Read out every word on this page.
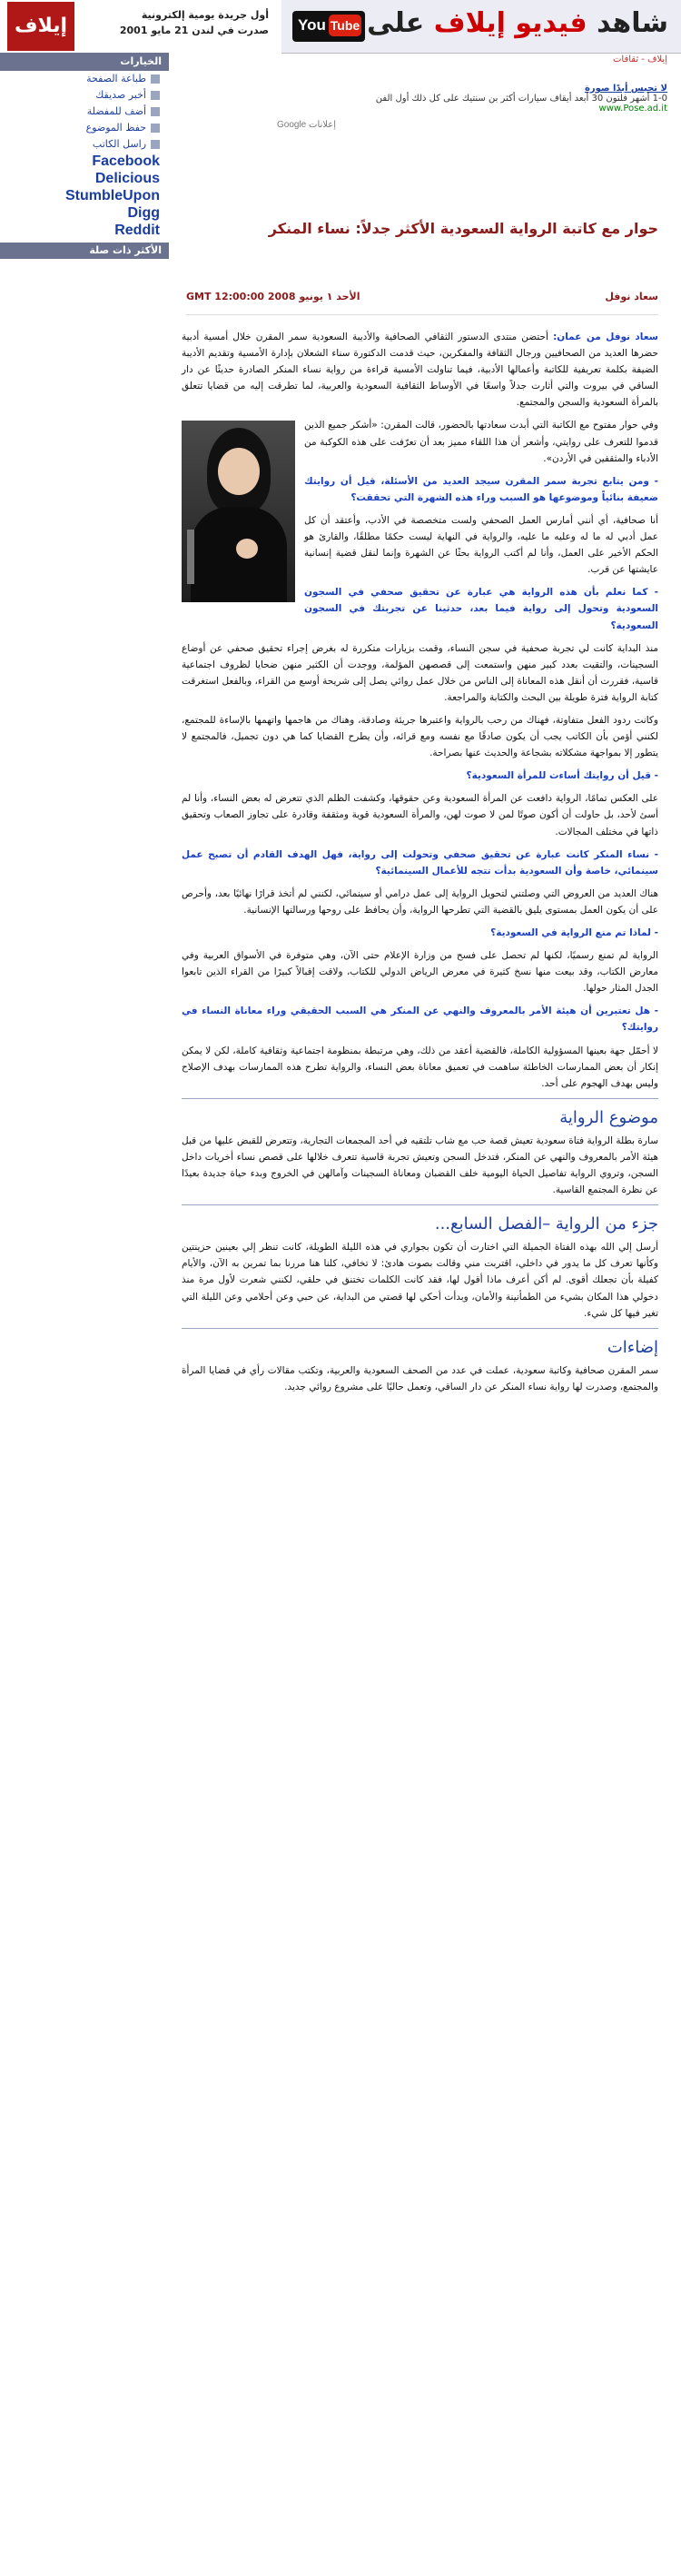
إيلاف	أول جريدة يومية إلكترونية
صدرت في لندن 21 مايو 2001 You Tube	شاهد فيديو إيلاف على
الخيارات
طباعة الصفحة
أخبر صديقك
أضف للمفضلة
حفظ الموضوع
راسل الكاتب
Facebook
Delicious
StumbleUpon
Digg
Reddit
الأكثر ذات صلة
إيلاف - ثقافات
لا تحبس أبدًا صورة
1-0 أشهر فلتون 30 أبعد أيقاف سيارات أكثر بن سنتيك على كل ذلك أول الفن
www.Pose.ad.it
Google إعلانات
حوار مع كاتبة الرواية السعودية الأكثر جدلاً: نساء المنكر
سعاد نوفل
الأحد ١ يونيو 2008 GMT 12:00:00

سعاد نوفل من عمان: أحتضن منتدى الدستور الثقافي الصحافية والأديبة السعودية سمر المقرن خلال أمسية أدبية حضرها العديد من الصحافيين ورجال الثقافة والمفكرين، حيث قدمت الدكتورة سناء الشعلان بإدارة الأمسية وتقديم الأديبة الضيفة بكلمة تعريفية للكاتبة وأعمالها الأدبية، فيما تناولت الأمسية قراءة من رواية نساء المنكر الصادرة حديثًا عن دار الساقي في بيروت والتي أثارت جدلاً واسعًا في الأوساط الثقافية السعودية والعربية، لما تطرقت إليه من قضايا تتعلق بالمرأة السعودية والسجن والمجتمع.

وفي حوار مفتوح مع الكاتبة التي أبدت سعادتها بالحضور، قالت المقرن: «أشكر جميع الذين قدموا للتعرف على روايتي، وأشعر أن هذا اللقاء مميز بعد أن تعرّفت على هذه الكوكبة من الأدباء والمثقفين في الأردن».

- ومن يتابع تجربة سمر المقرن سيجد العديد من الأسئلة، قيل أن روايتك ضعيفة بنائياً وموضوعها هو السبب وراء هذه الشهرة التي تحققت؟

أنا صحافية، أي أنني أمارس العمل الصحفي ولست متخصصة في الأدب، وأعتقد أن كل عمل أدبي له ما له وعليه ما عليه، والرواية في النهاية ليست حكمًا مطلقًا، والقارئ هو الحكم الأخير على العمل، وأنا لم أكتب الرواية بحثًا عن الشهرة وإنما لنقل قضية إنسانية عايشتها عن قرب.

- كما نعلم بأن هذه الرواية هي عبارة عن تحقيق صحفي في السجون السعودية وتحول إلى رواية فيما بعد، حدثينا عن تجربتك في السجون السعودية؟

منذ البداية كانت لي تجربة صحفية في سجن النساء، وقمت بزيارات متكررة له بغرض إجراء تحقيق صحفي عن أوضاع السجينات، والتقيت بعدد كبير منهن واستمعت إلى قصصهن المؤلمة، ووجدت أن الكثير منهن ضحايا لظروف اجتماعية قاسية، فقررت أن أنقل هذه المعاناة إلى الناس من خلال عمل روائي يصل إلى شريحة أوسع من القراء، وبالفعل استغرقت كتابة الرواية فترة طويلة بين البحث والكتابة والمراجعة.

وكانت ردود الفعل متفاوتة، فهناك من رحب بالرواية واعتبرها جريئة وصادقة، وهناك من هاجمها واتهمها بالإساءة للمجتمع، لكنني أؤمن بأن الكاتب يجب أن يكون صادقًا مع نفسه ومع قرائه، وأن يطرح القضايا كما هي دون تجميل، فالمجتمع لا يتطور إلا بمواجهة مشكلاته بشجاعة والحديث عنها بصراحة.

- قيل أن روايتك أساءت للمرأة السعودية؟

على العكس تمامًا، الرواية دافعت عن المرأة السعودية وعن حقوقها، وكشفت الظلم الذي تتعرض له بعض النساء، وأنا لم أسئ لأحد، بل حاولت أن أكون صوتًا لمن لا صوت لهن، والمرأة السعودية قوية ومثقفة وقادرة على تجاوز الصعاب وتحقيق ذاتها في مختلف المجالات.

- نساء المنكر كانت عبارة عن تحقيق صحفي وتحولت إلى رواية، فهل الهدف القادم أن تصبح عمل سينمائي، خاصة وأن السعودية بدأت تتجه للأعمال السينمائية؟

هناك العديد من العروض التي وصلتني لتحويل الرواية إلى عمل درامي أو سينمائي، لكنني لم أتخذ قرارًا نهائيًا بعد، وأحرص على أن يكون العمل بمستوى يليق بالقضية التي تطرحها الرواية، وأن يحافظ على روحها ورسالتها الإنسانية.

- لماذا تم منع الرواية في السعودية؟

الرواية لم تمنع رسميًا، لكنها لم تحصل على فسح من وزارة الإعلام حتى الآن، وهي متوفرة في الأسواق العربية وفي معارض الكتاب، وقد بيعت منها نسخ كثيرة في معرض الرياض الدولي للكتاب، ولاقت إقبالاً كبيرًا من القراء الذين تابعوا الجدل المثار حولها.

- هل تعتبرين أن هيئة الأمر بالمعروف والنهي عن المنكر هي السبب الحقيقي وراء معاناة النساء في روايتك؟

لا أحمّل جهة بعينها المسؤولية الكاملة، فالقضية أعقد من ذلك، وهي مرتبطة بمنظومة اجتماعية وثقافية كاملة، لكن لا يمكن إنكار أن بعض الممارسات الخاطئة ساهمت في تعميق معاناة بعض النساء، والرواية تطرح هذه الممارسات بهدف الإصلاح وليس بهدف الهجوم على أحد.

موضوع الرواية

سارة بطلة الرواية فتاة سعودية تعيش قصة حب مع شاب تلتقيه في أحد المجمعات التجارية، وتتعرض للقبض عليها من قبل هيئة الأمر بالمعروف والنهي عن المنكر، فتدخل السجن وتعيش تجربة قاسية تتعرف خلالها على قصص نساء أخريات داخل السجن، وتروي الرواية تفاصيل الحياة اليومية خلف القضبان ومعاناة السجينات وآمالهن في الخروج وبدء حياة جديدة بعيدًا عن نظرة المجتمع القاسية.

جزء من الرواية –الفصل السابع...

أرسل إلي الله بهذه الفتاة الجميلة التي اختارت أن تكون بجواري في هذه الليلة الطويلة، كانت تنظر إلي بعينين حزينتين وكأنها تعرف كل ما يدور في داخلي، اقتربت مني وقالت بصوت هادئ: لا تخافي، كلنا هنا مررنا بما تمرين به الآن، والأيام كفيلة بأن تجعلك أقوى. لم أكن أعرف ماذا أقول لها، فقد كانت الكلمات تختنق في حلقي، لكنني شعرت لأول مرة منذ دخولي هذا المكان بشيء من الطمأنينة والأمان، وبدأت أحكي لها قصتي من البداية، عن حبي وعن أحلامي وعن الليلة التي تغير فيها كل شيء.

إضاءات

سمر المقرن صحافية وكاتبة سعودية، عملت في عدد من الصحف السعودية والعربية، وتكتب مقالات رأي في قضايا المرأة والمجتمع، وصدرت لها رواية نساء المنكر عن دار الساقي، وتعمل حاليًا على مشروع روائي جديد.
